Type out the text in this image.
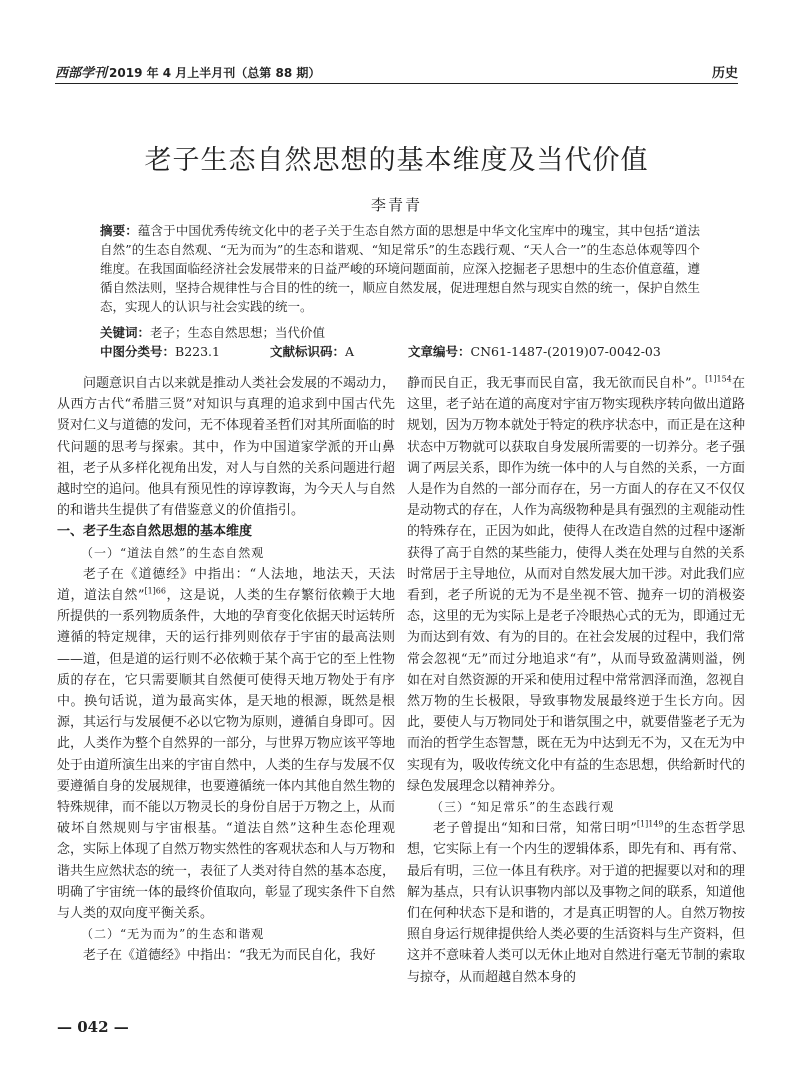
西部学刊 2019 年 4 月上半月刊（总第 88 期）	历史
老子生态自然思想的基本维度及当代价值
李青青
摘要：蕴含于中国优秀传统文化中的老子关于生态自然方面的思想是中华文化宝库中的瑰宝，其中包括“道法自然”的生态自然观、“无为而为”的生态和谐观、“知足常乐”的生态践行观、“天人合一”的生态总体观等四个维度。在我国面临经济社会发展带来的日益严峻的环境问题面前，应深入挖掘老子思想中的生态价值意蕴，遵循自然法则，坚持合规律性与合目的性的统一，顺应自然发展，促进理想自然与现实自然的统一，保护自然生态，实现人的认识与社会实践的统一。
关键词：老子；生态自然思想；当代价值
中图分类号：B223.1	文献标识码：A	文章编号：CN61-1487-(2019)07-0042-03

问题意识自古以来就是推动人类社会发展的不竭动力，从西方古代“希腊三贤”对知识与真理的追求到中国古代先贤对仁义与道德的发问，无不体现着圣哲们对其所面临的时代问题的思考与探索。其中，作为中国道家学派的开山鼻祖，老子从多样化视角出发，对人与自然的关系问题进行超越时空的追问。他具有预见性的谆谆教诲，为今天人与自然的和谐共生提供了有借鉴意义的价值指引。

一、老子生态自然思想的基本维度
（一）“道法自然”的生态自然观

老子在《道德经》中指出：“人法地，地法天，天法道，道法自然”$^{[1]66}$，这是说，人类的生存繁衍依赖于大地所提供的一系列物质条件，大地的孕育变化依据天时运转所遵循的特定规律，天的运行排列则依存于宇宙的最高法则——道，但是道的运行则不必依赖于某个高于它的至上性物质的存在，它只需要顺其自然便可使得天地万物处于有序中。换句话说，道为最高实体，是天地的根源，既然是根源，其运行与发展便不必以它物为原则，遵循自身即可。因此，人类作为整个自然界的一部分，与世界万物应该平等地处于由道所演生出来的宇宙自然中，人类的生存与发展不仅要遵循自身的发展规律，也要遵循统一体内其他自然生物的特殊规律，而不能以万物灵长的身份自居于万物之上，从而破坏自然规则与宇宙根基。“道法自然”这种生态伦理观念，实际上体现了自然万物实然性的客观状态和人与万物和谐共生应然状态的统一，表征了人类对待自然的基本态度，明确了宇宙统一体的最终价值取向，彰显了现实条件下自然与人类的双向度平衡关系。

（二）“无为而为”的生态和谐观

老子在《道德经》中指出：“我无为而民自化，我好

静而民自正，我无事而民自富，我无欲而民自朴”。$^{[1]154}$在这里，老子站在道的高度对宇宙万物实现秩序转向做出道路规划，因为万物本就处于特定的秩序状态中，而正是在这种状态中万物就可以获取自身发展所需要的一切养分。老子强调了两层关系，即作为统一体中的人与自然的关系，一方面人是作为自然的一部分而存在，另一方面人的存在又不仅仅是动物式的存在，人作为高级物种是具有强烈的主观能动性的特殊存在，正因为如此，使得人在改造自然的过程中逐渐获得了高于自然的某些能力，使得人类在处理与自然的关系时常居于主导地位，从而对自然发展大加干涉。对此我们应看到，老子所说的无为不是坐视不管、抛弃一切的消极姿态，这里的无为实际上是老子冷眼热心式的无为，即通过无为而达到有效、有为的目的。在社会发展的过程中，我们常常会忽视“无”而过分地追求“有”，从而导致盈满则溢，例如在对自然资源的开采和使用过程中常常泗泽而渔，忽视自然万物的生长极限，导致事物发展最终逆于生长方向。因此，要使人与万物同处于和谐氛围之中，就要借鉴老子无为而治的哲学生态智慧，既在无为中达到无不为，又在无为中实现有为，吸收传统文化中有益的生态思想，供给新时代的绿色发展理念以精神养分。

（三）“知足常乐”的生态践行观

老子曾提出“知和曰常，知常曰明”$^{[1]149}$的生态哲学思想，它实际上有一个内生的逻辑体系，即先有和、再有常、最后有明，三位一体且有秩序。对于道的把握要以对和的理解为基点，只有认识事物内部以及事物之间的联系，知道他们在何种状态下是和谐的，才是真正明智的人。自然万物按照自身运行规律提供给人类必要的生活资料与生产资料，但这并不意味着人类可以无休止地对自然进行毫无节制的索取与掠夺，从而超越自然本身的

— 042 —
